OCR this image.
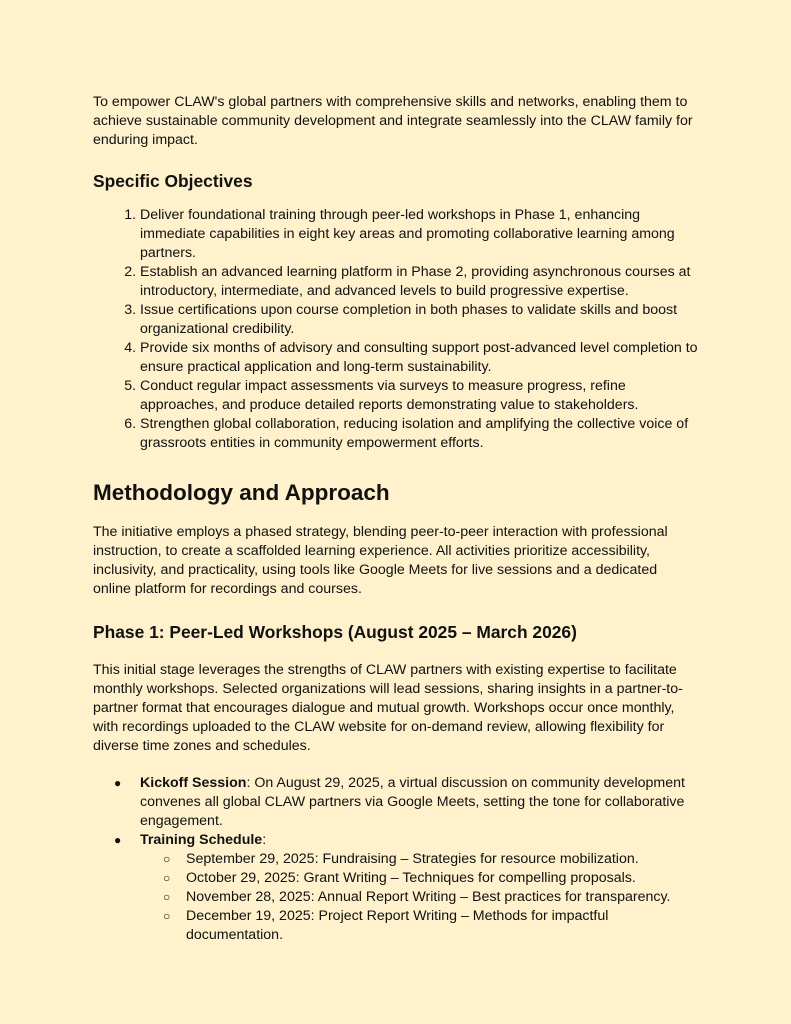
To empower CLAW's global partners with comprehensive skills and networks, enabling them to achieve sustainable community development and integrate seamlessly into the CLAW family for enduring impact.

Specific Objectives
1. Deliver foundational training through peer-led workshops in Phase 1, enhancing immediate capabilities in eight key areas and promoting collaborative learning among partners.
2. Establish an advanced learning platform in Phase 2, providing asynchronous courses at introductory, intermediate, and advanced levels to build progressive expertise.
3. Issue certifications upon course completion in both phases to validate skills and boost organizational credibility.
4. Provide six months of advisory and consulting support post-advanced level completion to ensure practical application and long-term sustainability.
5. Conduct regular impact assessments via surveys to measure progress, refine approaches, and produce detailed reports demonstrating value to stakeholders.
6. Strengthen global collaboration, reducing isolation and amplifying the collective voice of grassroots entities in community empowerment efforts.
Methodology and Approach

The initiative employs a phased strategy, blending peer-to-peer interaction with professional instruction, to create a scaffolded learning experience. All activities prioritize accessibility, inclusivity, and practicality, using tools like Google Meets for live sessions and a dedicated online platform for recordings and courses.

Phase 1: Peer-Led Workshops (August 2025 – March 2026)

This initial stage leverages the strengths of CLAW partners with existing expertise to facilitate monthly workshops. Selected organizations will lead sessions, sharing insights in a partner-to-partner format that encourages dialogue and mutual growth. Workshops occur once monthly, with recordings uploaded to the CLAW website for on-demand review, allowing flexibility for diverse time zones and schedules.

● Kickoff Session: On August 29, 2025, a virtual discussion on community development convenes all global CLAW partners via Google Meets, setting the tone for collaborative engagement.
● Training Schedule:
○ September 29, 2025: Fundraising – Strategies for resource mobilization.
○ October 29, 2025: Grant Writing – Techniques for compelling proposals.
○ November 28, 2025: Annual Report Writing – Best practices for transparency.
○ December 19, 2025: Project Report Writing – Methods for impactful documentation.
